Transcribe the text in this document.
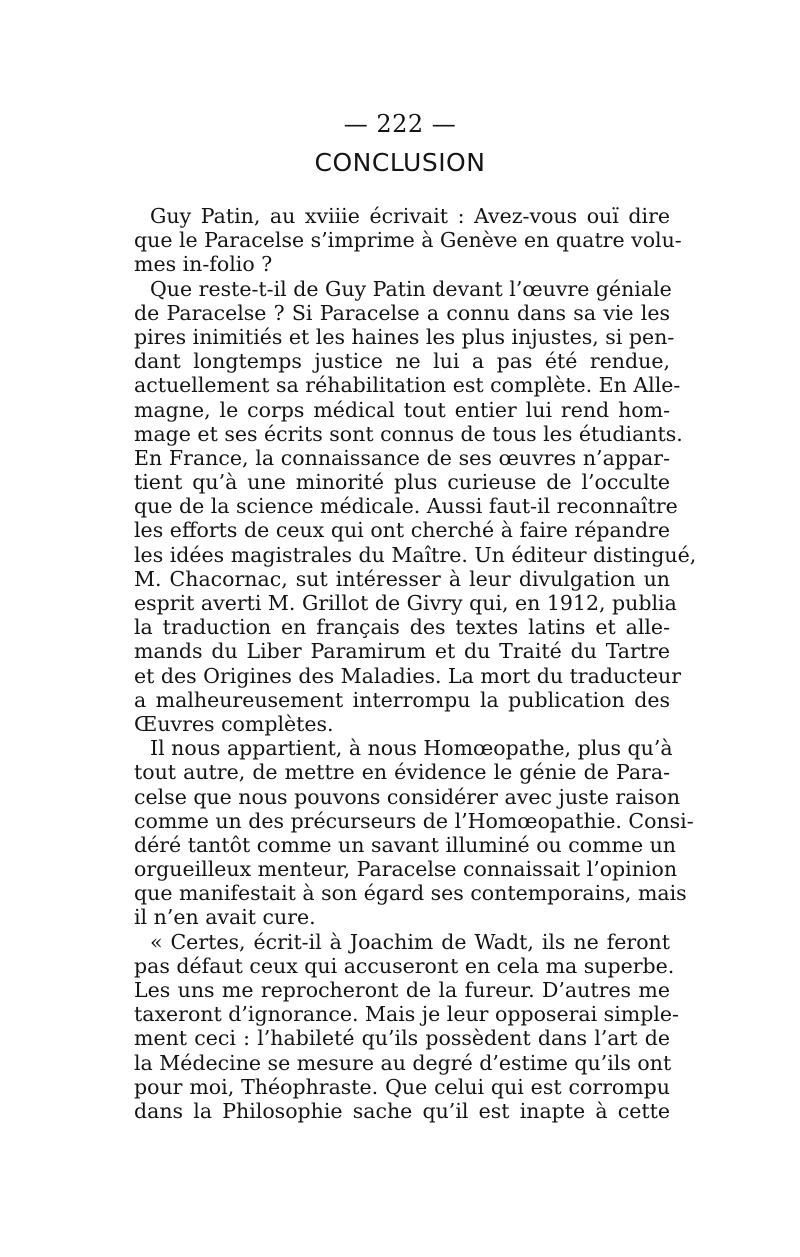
— 222 —
CONCLUSION
Guy Patin, au xviiie écrivait : Avez-vous ouï dire
que le Paracelse s’imprime à Genève en quatre volu-
mes in-folio ?
Que reste-t-il de Guy Patin devant l’œuvre géniale
de Paracelse ? Si Paracelse a connu dans sa vie les
pires inimitiés et les haines les plus injustes, si pen-
dant longtemps justice ne lui a pas été rendue,
actuellement sa réhabilitation est complète. En Alle-
magne, le corps médical tout entier lui rend hom-
mage et ses écrits sont connus de tous les étudiants.
En France, la connaissance de ses œuvres n’appar-
tient qu’à une minorité plus curieuse de l’occulte
que de la science médicale. Aussi faut-il reconnaître
les efforts de ceux qui ont cherché à faire répandre
les idées magistrales du Maître. Un éditeur distingué,
M. Chacornac, sut intéresser à leur divulgation un
esprit averti M. Grillot de Givry qui, en 1912, publia
la traduction en français des textes latins et alle-
mands du Liber Paramirum et du Traité du Tartre
et des Origines des Maladies. La mort du traducteur
a malheureusement interrompu la publication des
Œuvres complètes.
Il nous appartient, à nous Homœopathe, plus qu’à
tout autre, de mettre en évidence le génie de Para-
celse que nous pouvons considérer avec juste raison
comme un des précurseurs de l’Homœopathie. Consi-
déré tantôt comme un savant illuminé ou comme un
orgueilleux menteur, Paracelse connaissait l’opinion
que manifestait à son égard ses contemporains, mais
il n’en avait cure.
« Certes, écrit-il à Joachim de Wadt, ils ne feront
pas défaut ceux qui accuseront en cela ma superbe.
Les uns me reprocheront de la fureur. D’autres me
taxeront d’ignorance. Mais je leur opposerai simple-
ment ceci : l’habileté qu’ils possèdent dans l’art de
la Médecine se mesure au degré d’estime qu’ils ont
pour moi, Théophraste. Que celui qui est corrompu
dans la Philosophie sache qu’il est inapte à cette
